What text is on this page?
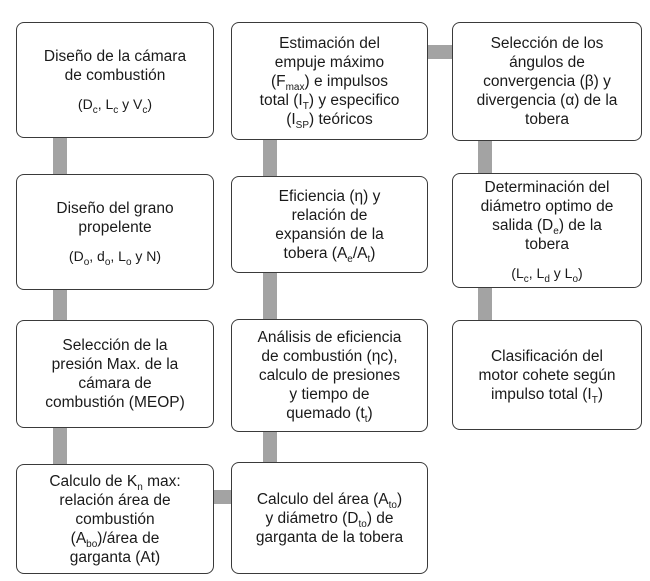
Diseño de la cámara
de combustión
($D_c$, $L_c$ y $V_c$)
Estimación del
empuje máximo
$(F_{max})$ e impulsos
total $(I_T)$ y especifico
$(I_{SP})$ teóricos
Selección de los
ángulos de
convergencia (β) y
divergencia (α) de la
tobera
Diseño del grano
propelente
($D_o$, $d_o$, $L_o$ y N)
Eficiencia (η) y
relación de
expansión de la
tobera $(A_e/A_t)$
Determinación del
diámetro optimo de
salida $(D_e)$ de la
tobera
($L_c$, $L_d$ y $L_o$)
Selección de la
presión Max. de la
cámara de
combustión (MEOP)
Análisis de eficiencia
de combustión (ηc),
calculo de presiones
y tiempo de
quemado $(t_t)$
Clasificación del
motor cohete según
impulso total $(I_T)$
Calculo de $K_n$ max:
relación área de
combustión
$(A_{bo})$/área de
garganta (At)
Calculo del área $(A_{to})$
y diámetro $(D_{to})$ de
garganta de la tobera
